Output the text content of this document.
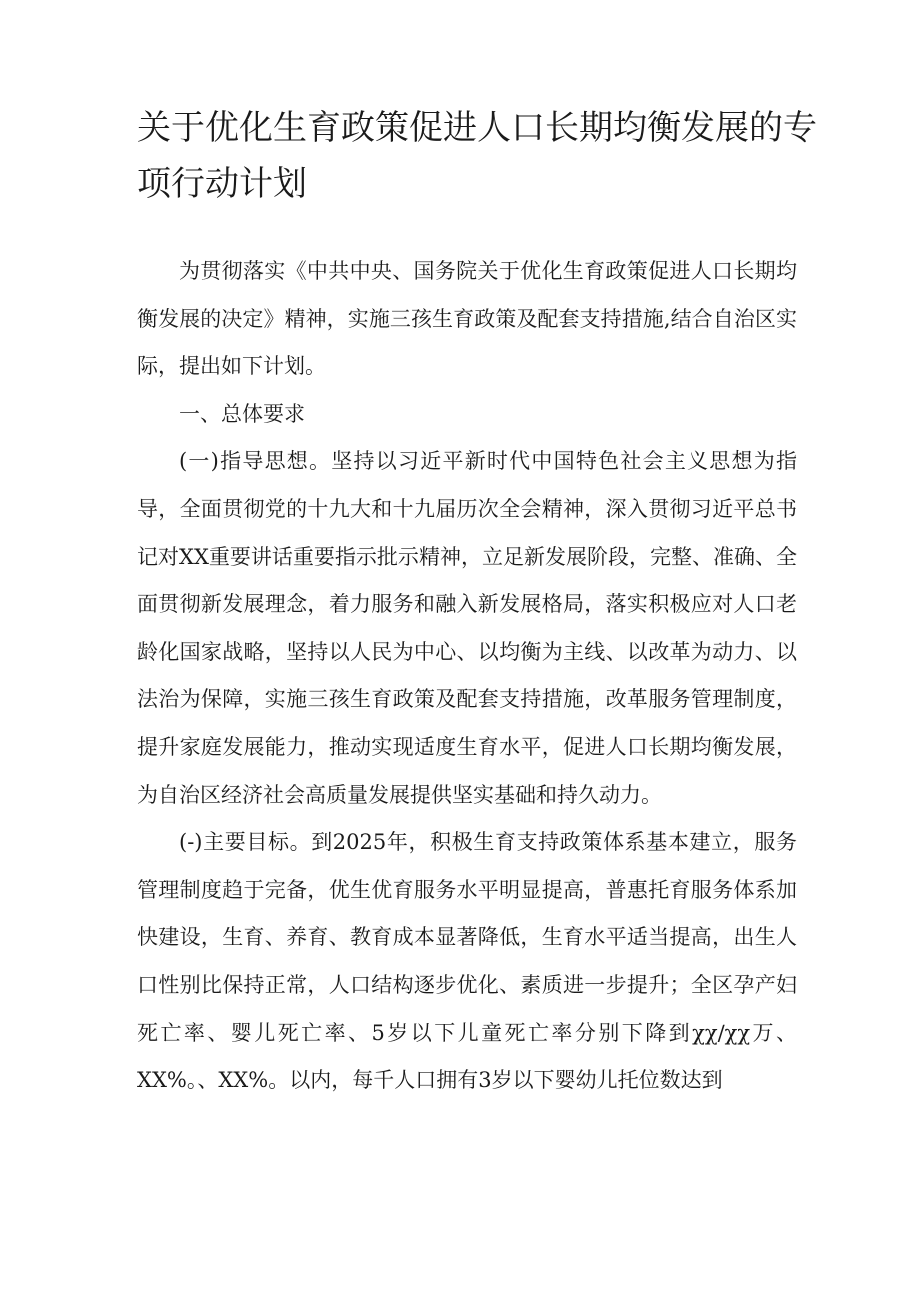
关于优化生育政策促进人口长期均衡发展的专项行动计划

为贯彻落实《中共中央、国务院关于优化生育政策促进人口长期均衡发展的决定》精神，实施三孩生育政策及配套支持措施,结合自治区实际，提出如下计划。

一、总体要求

(一)指导思想。坚持以习近平新时代中国特色社会主义思想为指导，全面贯彻党的十九大和十九届历次全会精神，深入贯彻习近平总书记对XX重要讲话重要指示批示精神，立足新发展阶段，完整、准确、全面贯彻新发展理念，着力服务和融入新发展格局，落实积极应对人口老龄化国家战略，坚持以人民为中心、以均衡为主线、以改革为动力、以法治为保障，实施三孩生育政策及配套支持措施，改革服务管理制度，提升家庭发展能力，推动实现适度生育水平，促进人口长期均衡发展，为自治区经济社会高质量发展提供坚实基础和持久动力。

(-)主要目标。到2025年，积极生育支持政策体系基本建立，服务管理制度趋于完备，优生优育服务水平明显提高，普惠托育服务体系加快建设，生育、养育、教育成本显著降低，生育水平适当提高，出生人口性别比保持正常，人口结构逐步优化、素质进一步提升；全区孕产妇死亡率、婴儿死亡率、5岁以下儿童死亡率分别下降到χχ∕χχ万、XX%。、XX%。以内，每千人口拥有3岁以下婴幼儿托位数达到
